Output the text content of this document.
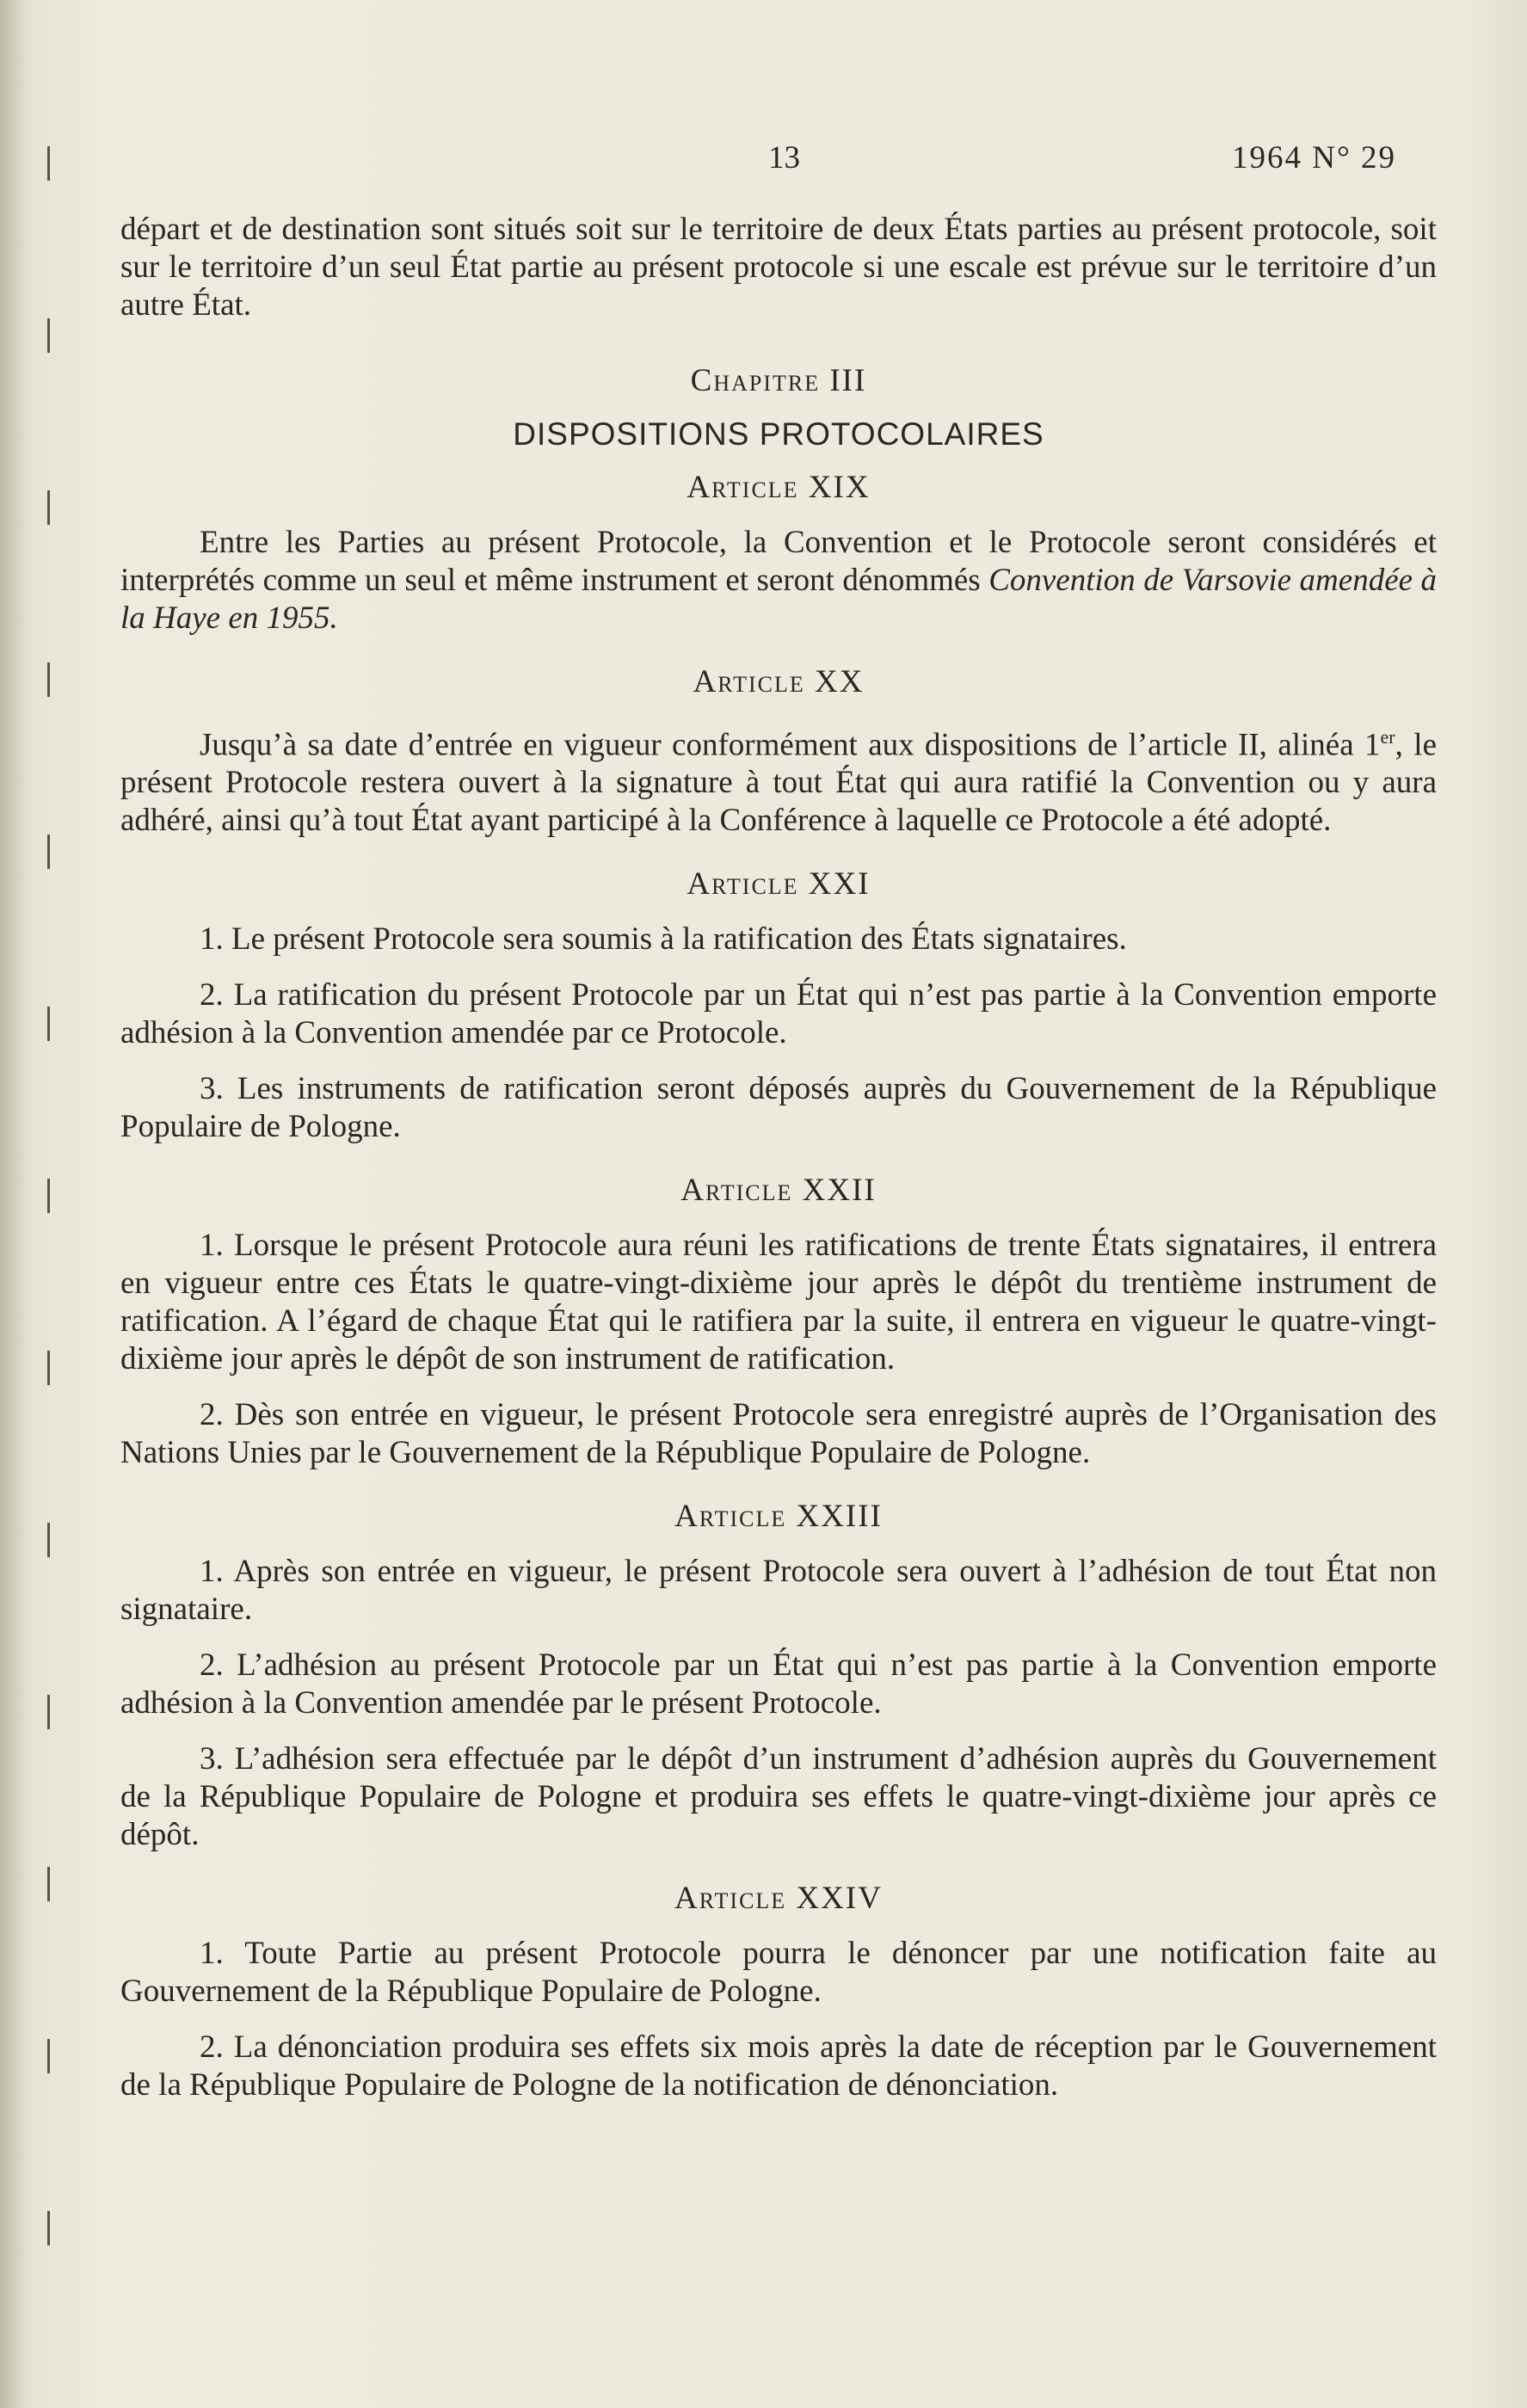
13	1964 N° 29

départ et de destination sont situés soit sur le territoire de deux États parties au présent protocole, soit sur le territoire d’un seul État partie au présent protocole si une escale est prévue sur le territoire d’un autre État.

Chapitre III
DISPOSITIONS PROTOCOLAIRES
Article XIX

Entre les Parties au présent Protocole, la Convention et le Protocole seront considérés et interprétés comme un seul et même instrument et seront dénommés Convention de Varsovie amendée à la Haye en 1955.

Article XX

Jusqu’à sa date d’entrée en vigueur conformément aux dispositions de l’article II, alinéa 1er, le présent Protocole restera ouvert à la signature à tout État qui aura ratifié la Convention ou y aura adhéré, ainsi qu’à tout État ayant participé à la Conférence à laquelle ce Protocole a été adopté.

Article XXI

1. Le présent Protocole sera soumis à la ratification des États signataires.

2. La ratification du présent Protocole par un État qui n’est pas partie à la Convention emporte adhésion à la Convention amendée par ce Protocole.

3. Les instruments de ratification seront déposés auprès du Gouvernement de la République Populaire de Pologne.

Article XXII

1. Lorsque le présent Protocole aura réuni les ratifications de trente États signataires, il entrera en vigueur entre ces États le quatre-vingt-dixième jour après le dépôt du trentième instrument de ratification. A l’égard de chaque État qui le ratifiera par la suite, il entrera en vigueur le quatre-vingt-dixième jour après le dépôt de son instrument de ratification.

2. Dès son entrée en vigueur, le présent Protocole sera enregistré auprès de l’Organisation des Nations Unies par le Gouvernement de la République Populaire de Pologne.

Article XXIII

1. Après son entrée en vigueur, le présent Protocole sera ouvert à l’adhésion de tout État non signataire.

2. L’adhésion au présent Protocole par un État qui n’est pas partie à la Convention emporte adhésion à la Convention amendée par le présent Protocole.

3. L’adhésion sera effectuée par le dépôt d’un instrument d’adhésion auprès du Gouvernement de la République Populaire de Pologne et produira ses effets le quatre-vingt-dixième jour après ce dépôt.

Article XXIV

1. Toute Partie au présent Protocole pourra le dénoncer par une notification faite au Gouvernement de la République Populaire de Pologne.

2. La dénonciation produira ses effets six mois après la date de réception par le Gouvernement de la République Populaire de Pologne de la notification de dénonciation.
